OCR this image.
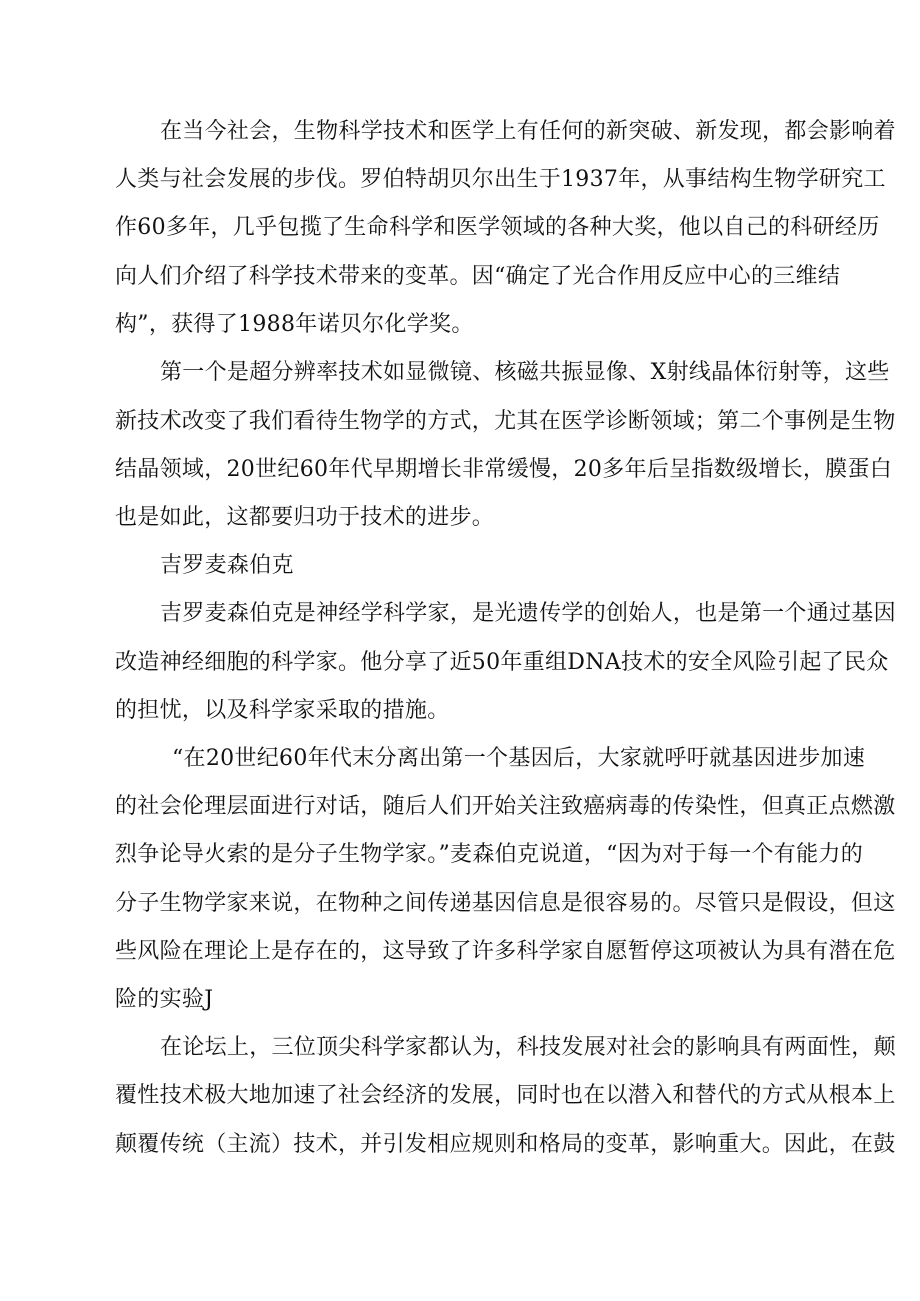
在当今社会，生物科学技术和医学上有任何的新突破、新发现，都会影响着
人类与社会发展的步伐。罗伯特胡贝尔出生于1937年，从事结构生物学研究工
作60多年，几乎包揽了生命科学和医学领域的各种大奖，他以自己的科研经历
向人们介绍了科学技术带来的变革。因“确定了光合作用反应中心的三维结
构”，获得了1988年诺贝尔化学奖。
第一个是超分辨率技术如显微镜、核磁共振显像、X射线晶体衍射等，这些
新技术改变了我们看待生物学的方式，尤其在医学诊断领域；第二个事例是生物
结晶领域，20世纪60年代早期增长非常缓慢，20多年后呈指数级增长，膜蛋白
也是如此，这都要归功于技术的进步。
吉罗麦森伯克
吉罗麦森伯克是神经学科学家，是光遗传学的创始人，也是第一个通过基因
改造神经细胞的科学家。他分享了近50年重组DNA技术的安全风险引起了民众
的担忧，以及科学家采取的措施。
“在20世纪60年代末分离出第一个基因后，大家就呼吁就基因进步加速
的社会伦理层面进行对话，随后人们开始关注致癌病毒的传染性，但真正点燃激
烈争论导火索的是分子生物学家。”麦森伯克说道，“因为对于每一个有能力的
分子生物学家来说，在物种之间传递基因信息是很容易的。尽管只是假设，但这
些风险在理论上是存在的，这导致了许多科学家自愿暂停这项被认为具有潜在危
险的实验J
在论坛上，三位顶尖科学家都认为，科技发展对社会的影响具有两面性，颠
覆性技术极大地加速了社会经济的发展，同时也在以潜入和替代的方式从根本上
颠覆传统（主流）技术，并引发相应规则和格局的变革，影响重大。因此，在鼓
